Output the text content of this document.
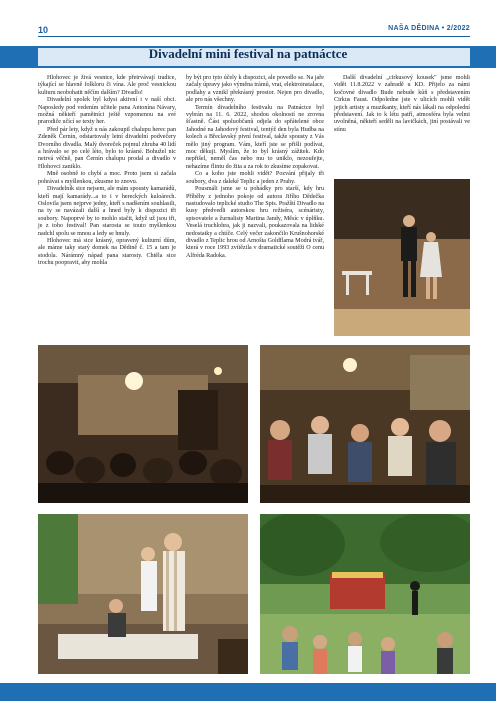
10	NAŠA DĚDINA • 2/2022
Divadelní mini festival na patnáctce

Hlohovec je živá vesnice, kde přetrvávají tradice, týkající se hlavně folkloru či vína. Ale proč vesnickou kulturu neobohatit něčím dalším? Divadlo!

Divadelní spolek byl kdysi aktivní i v naší obci. Naposledy pod vedením učitele pana Antonína Návary, možná někteří pamětníci ještě vzpomenou na své prarodiče učící se texty her.

Před pár lety, když u nás zakoupil chalupu herec pan Zdeněk Černín, odstartovaly letní divadelní podvečery Dvorního divadla. Malý dvoreček pojmul zhruba 40 lidí a hrávalo se po celé léto, bylo to krásné. Bohužel nic netrvá věčně, pan Černín chalupu prodal a divadlo v Hlohovci zaniklo.

Mně osobně to chybí a moc. Proto jsem si začala pohrávat s myšlenkou, zkusme to znovu.

Divadelník sice nejsem, ale mám spousty kamarádů, kteří mají kamarády...a to i v hereckých kuloárech. Oslovila jsem nejprve jedny, kteří s nadšením souhlasili, na ty se navázali další a hned byly k dispozici tři soubory. Napoprvé by to mohlo stačit, když už jsou tři, je z toho festival! Pan starosta se touto myšlenkou nadchl spolu se mnou a ledy se hnuly.

Hlohovec má sice krásný, opravený kulturní dům, ale máme taky starý domek na Dědině č. 15 a tam je stodola. Nárámný nápad pana starosty. Chtěla sice trochu poopravit, aby mohla

by být pro tyto účely k dispozici, ale povedlo se. Na jaře začaly úpravy jako výměna trámů, vrat, elektroinstalace, podlahy a vznikl překrásný prostor. Nejen pro divadlo, ale pro nás všechny.

Termín divadelního festivalu na Patnáctce byl vybrán na 11. 6. 2022, shodou okolností ne zrovna šťastně. Část spoluobčanů odjela do spřátelené obce Jahodné na Jahodový festival, tentýž den byla Hudba na kolech a Břeclavský pivní festival, takže spousty z Vás mělo jiný program. Vám, kteří jste se přišli podívat, moc děkuji. Myslím, že to byl krásný zážitek. Kdo nepřišel, neměl čas nebo mu to uniklo, nezoufejte, nehazíme flintu do žita a za rok to zkusíme zopakovat.

Co a koho jste mohli vidět? Pozvání přijaly tři soubory, dva z daleké Teplic a jeden z Prahy.

Pousmáli jsme se u pohádky pro starší, kdy hru Příběhy z jednoho pokoje od autora Jiřího Dědečka nastudovalo teplické studio The Spis. Pražští Divadlo na kusy předvedli autorskou hru režiséra, scénáristy, spisovatele a žurnalisty Martina Jandy, Měsíc v úplňku. Veselá truchlohra, jak ji nazvali, poukazovala na lidské nedostatky a chtíče. Celý večer zakončilo Krušnohorské divadlo z Teplic hrou od Arnošta Goldflama Modrá tvář, která v roce 1993 zvítězila v dramatické soutěži O cenu Alfréda Radoka.

Další divadelní „cirkusový kousek" jsme mohli vidět 11.8.2022 v zahradě u KD. Přijelo za námi kočovné divadlo Bude nebude kůň s představením Cirkus Faust. Odpoledne jste v ulicích mohli vidět jejich artisty a muzikanty, kteří nás lákali na odpolední představení. Jak to k létu patří, atmosféra byla velmi uvolněná, někteří seděli na lavičkách, jiní postávali ve stínu
